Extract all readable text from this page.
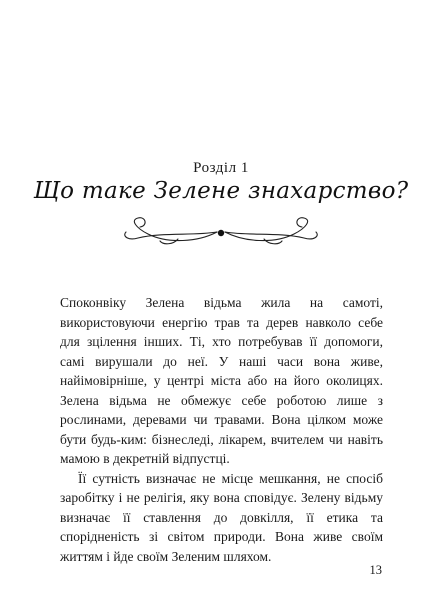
Розділ 1
Що таке Зелене знахарство?

Споконвіку Зелена відьма жила на самоті, використовуючи енергію трав та дерев навколо себе для зцілення інших. Ті, хто потребував її допомоги, самі вирушали до неї. У наші часи вона живе, найімовірніше, у центрі міста або на його околицях. Зелена відьма не обмежує себе роботою лише з рослинами, деревами чи травами. Вона цілком може бути будь-ким: бізнеследі, лікарем, вчителем чи навіть мамою в декретній відпустці.

Її сутність визначає не місце мешкання, не спосіб заробітку і не релігія, яку вона сповідує. Зелену відьму визначає її ставлення до довкілля, її етика та спорідненість зі світом природи. Вона живе своїм життям і йде своїм Зеленим шляхом.

13
